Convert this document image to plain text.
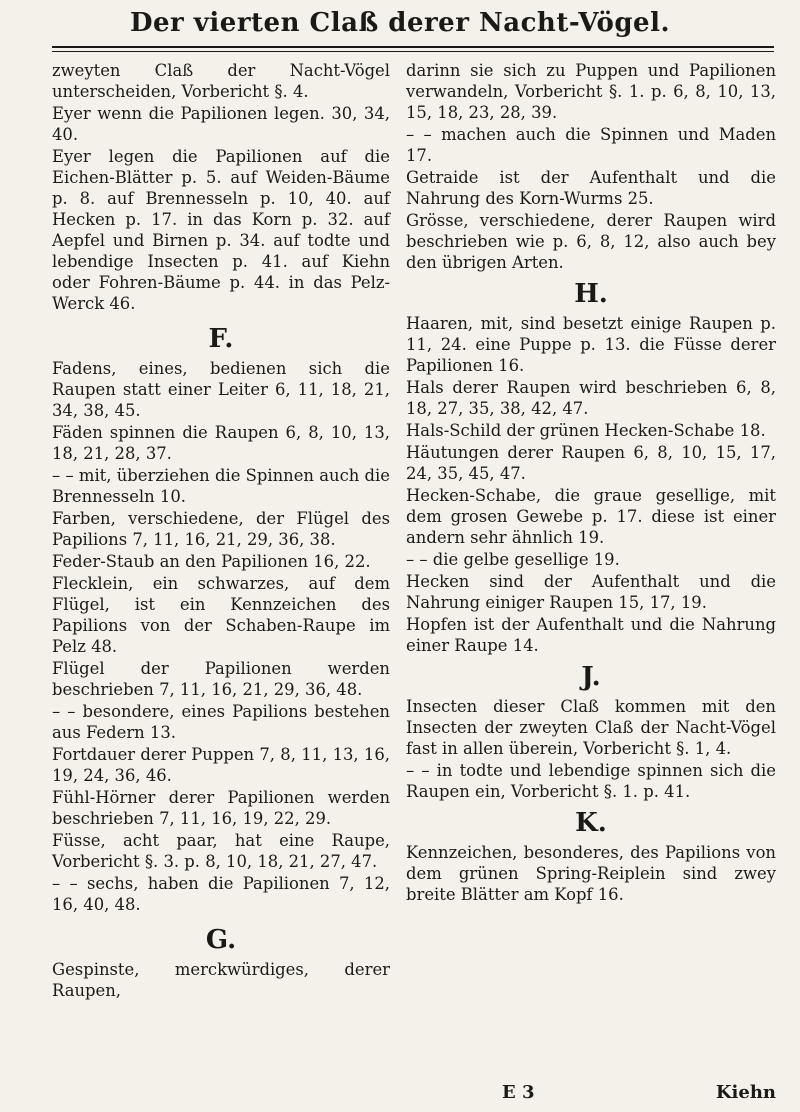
Der vierten Claß derer Nacht-Vögel.

zweyten Claß der Nacht-Vögel unterscheiden, Vorbericht §. 4.

Eyer wenn die Papilionen legen. 30, 34, 40.

Eyer legen die Papilionen auf die Eichen-Blätter p. 5. auf Weiden-Bäume p. 8. auf Brennesseln p. 10, 40. auf Hecken p. 17. in das Korn p. 32. auf Aepfel und Birnen p. 34. auf todte und lebendige Insecten p. 41. auf Kiehn oder Fohren-Bäume p. 44. in das Pelz-Werck 46.

F.

Fadens, eines, bedienen sich die Raupen statt einer Leiter 6, 11, 18, 21, 34, 38, 45.

Fäden spinnen die Raupen 6, 8, 10, 13, 18, 21, 28, 37.

– – mit, überziehen die Spinnen auch die Brennesseln 10.

Farben, verschiedene, der Flügel des Papilions 7, 11, 16, 21, 29, 36, 38.

Feder-Staub an den Papilionen 16, 22.

Flecklein, ein schwarzes, auf dem Flügel, ist ein Kennzeichen des Papilions von der Schaben-Raupe im Pelz 48.

Flügel der Papilionen werden beschrieben 7, 11, 16, 21, 29, 36, 48.

– – besondere, eines Papilions bestehen aus Federn 13.

Fortdauer derer Puppen 7, 8, 11, 13, 16, 19, 24, 36, 46.

Fühl-Hörner derer Papilionen werden beschrieben 7, 11, 16, 19, 22, 29.

Füsse, acht paar, hat eine Raupe, Vorbericht §. 3. p. 8, 10, 18, 21, 27, 47.

– – sechs, haben die Papilionen 7, 12, 16, 40, 48.

G.

Gespinste, merckwürdiges, derer Raupen,

darinn sie sich zu Puppen und Papilionen verwandeln, Vorbericht §. 1. p. 6, 8, 10, 13, 15, 18, 23, 28, 39.

– – machen auch die Spinnen und Maden 17.

Getraide ist der Aufenthalt und die Nahrung des Korn-Wurms 25.

Grösse, verschiedene, derer Raupen wird beschrieben wie p. 6, 8, 12, also auch bey den übrigen Arten.

H.

Haaren, mit, sind besetzt einige Raupen p. 11, 24. eine Puppe p. 13. die Füsse derer Papilionen 16.

Hals derer Raupen wird beschrieben 6, 8, 18, 27, 35, 38, 42, 47.

Hals-Schild der grünen Hecken-Schabe 18.

Häutungen derer Raupen 6, 8, 10, 15, 17, 24, 35, 45, 47.

Hecken-Schabe, die graue gesellige, mit dem grosen Gewebe p. 17. diese ist einer andern sehr ähnlich 19.

– – die gelbe gesellige 19.

Hecken sind der Aufenthalt und die Nahrung einiger Raupen 15, 17, 19.

Hopfen ist der Aufenthalt und die Nahrung einer Raupe 14.

J.

Insecten dieser Claß kommen mit den Insecten der zweyten Claß der Nacht-Vögel fast in allen überein, Vorbericht §. 1, 4.

– – in todte und lebendige spinnen sich die Raupen ein, Vorbericht §. 1. p. 41.

K.

Kennzeichen, besonderes, des Papilions von dem grünen Spring-Reiplein sind zwey breite Blätter am Kopf 16.

E 3	Kiehn
